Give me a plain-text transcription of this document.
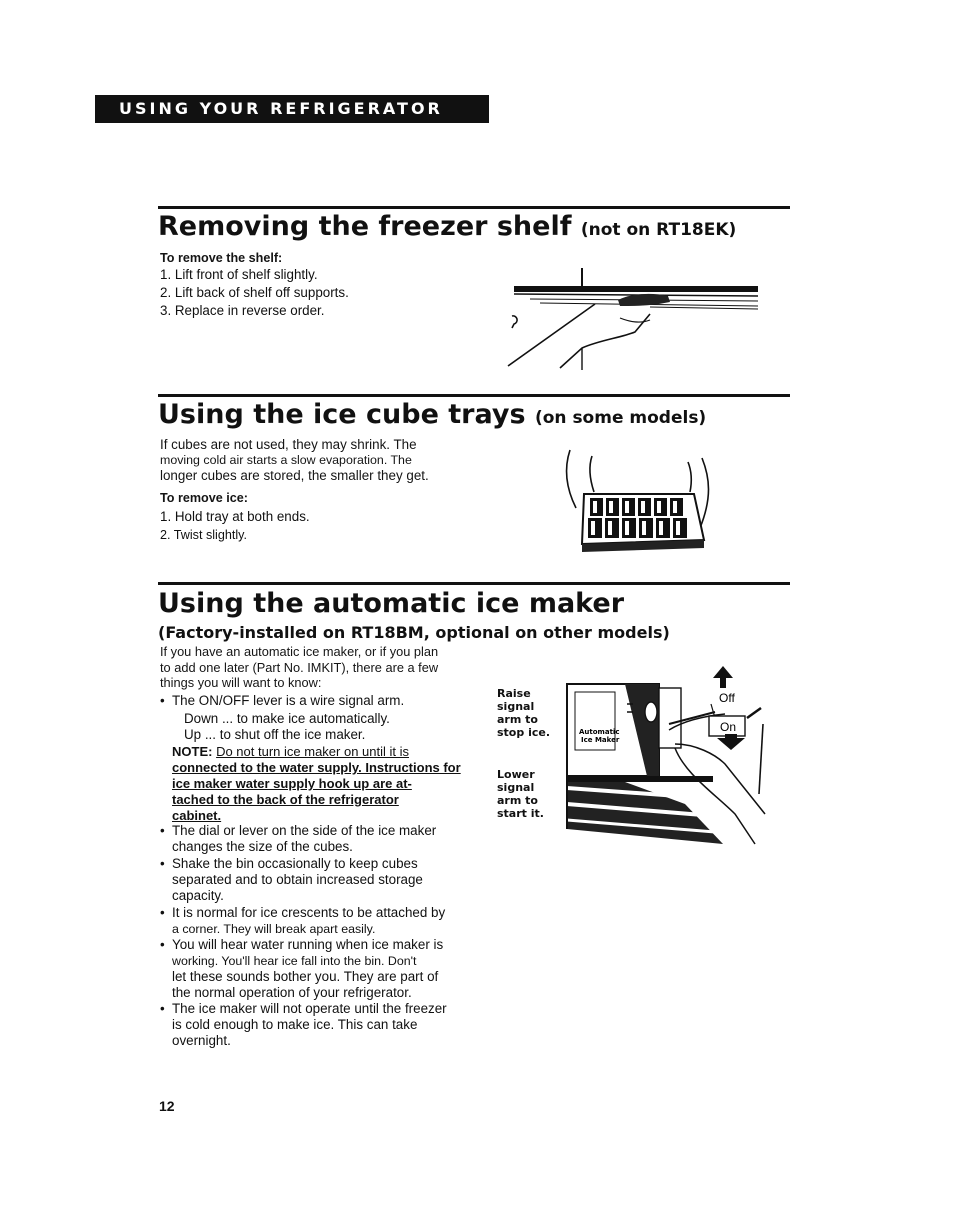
USING YOUR REFRIGERATOR
Removing the freezer shelf (not on RT18EK)
To remove the shelf:
1. Lift front of shelf slightly.
2. Lift back of shelf off supports.
3. Replace in reverse order.
Using the ice cube trays (on some models)
If cubes are not used, they may shrink. The
moving cold air starts a slow evaporation. The
longer cubes are stored, the smaller they get.
To remove ice:
1. Hold tray at both ends.
2. Twist slightly.
Using the automatic ice maker
(Factory-installed on RT18BM, optional on other models)
If you have an automatic ice maker, or if you plan
to add one later (Part No. IMKIT), there are a few
things you will want to know:
• The ON/OFF lever is a wire signal arm.
Down ... to make ice automatically.
Up ... to shut off the ice maker.
NOTE: Do not turn ice maker on until it is
connected to the water supply. Instructions for
ice maker water supply hook up are at-
tached to the back of the refrigerator
cabinet.
• The dial or lever on the side of the ice maker
changes the size of the cubes.
• Shake the bin occasionally to keep cubes
separated and to obtain increased storage
capacity.
• It is normal for ice crescents to be attached by
a corner. They will break apart easily.
• You will hear water running when ice maker is
working. You'll hear ice fall into the bin. Don't
let these sounds bother you. They are part of
the normal operation of your refrigerator.
• The ice maker will not operate until the freezer
is cold enough to make ice. This can take
overnight.
Raise
signal
arm to
stop ice.
Lower
signal
arm to
start it.
Automatic
Ice Maker
Off
On
12
